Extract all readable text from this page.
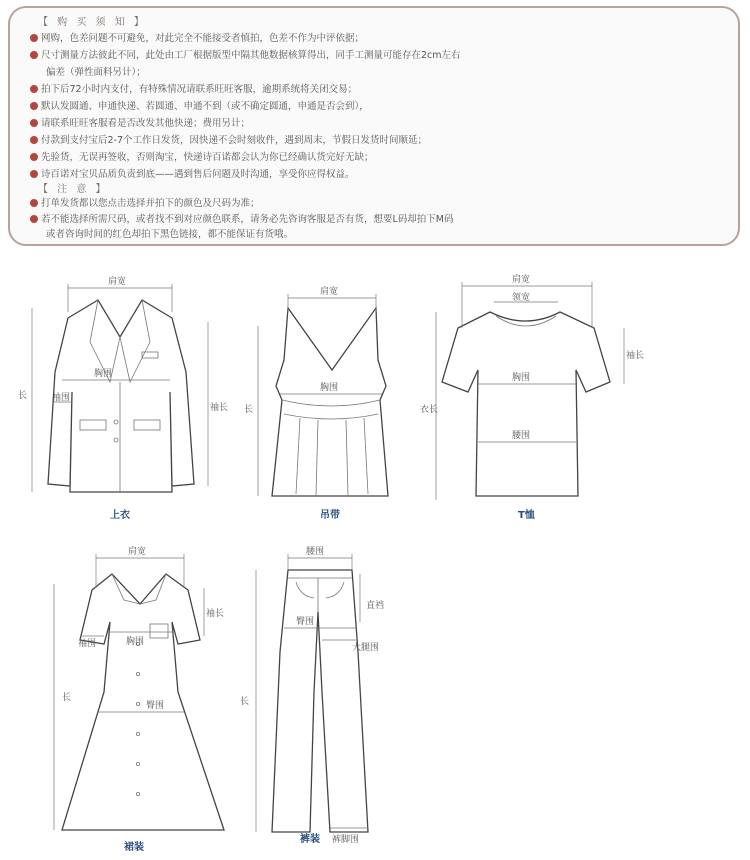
【 购 买 须 知 】
网购，色差问题不可避免，对此完全不能接受者慎拍，色差不作为中评依据；
尺寸测量方法彼此不同，此处由工厂根据版型中隔其他数据核算得出，同手工测量可能存在2cm左右
偏差（弹性面料另计）；
拍下后72小时内支付，有特殊情况请联系旺旺客服，逾期系统将关闭交易；
默认发圆通、申通快递、若圆通、申通不到（或不确定圆通，申通是否会到），
请联系旺旺客服看是否改发其他快递；费用另计；
付款到支付宝后2-7个工作日发货，因快递不会时刻收件，遇到周末，节假日发货时间顺延；
先验货，无误再签收，否则淘宝，快递诗百诺都会认为你已经确认货完好无缺；
诗百诺对宝贝品质负责到底——遇到售后问题及时沟通，享受你应得权益。
【 注 意 】
打单发货都以您点击选择并拍下的颜色及尺码为准；
若不能选择所需尺码，或者找不到对应颜色联系，请务必先咨询客服是否有货，想要L码却拍下M码
或者咨询时间的红色却拍下黑色链接，都不能保证有货哦。
肩宽
胸围
袖围
袖长
长
上衣
肩宽
胸围
长
吊带
肩宽
领宽
袖长
胸围
腰围
衣长
T恤
肩宽
袖长
袖围	胸围
臀围
长
裙装
腰围
直裆
臀围
大腿围
长
裤脚围
裤装
